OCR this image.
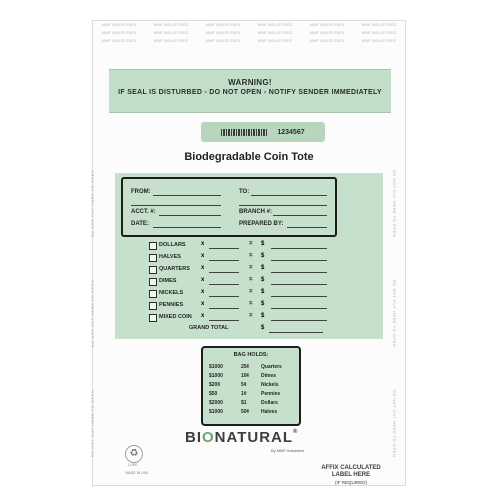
MMF INDUSTRIES	MMF INDUSTRIES	MMF INDUSTRIES	MMF INDUSTRIES	MMF INDUSTRIES	MMF INDUSTRIES
MMF INDUSTRIES	MMF INDUSTRIES	MMF INDUSTRIES	MMF INDUSTRIES	MMF INDUSTRIES	MMF INDUSTRIES
MMF INDUSTRIES	MMF INDUSTRIES	MMF INDUSTRIES	MMF INDUSTRIES	MMF INDUSTRIES	MMF INDUSTRIES
WARNING!
IF SEAL IS DISTURBED - DO NOT OPEN - NOTIFY SENDER IMMEDIATELY
1234567
Biodegradable Coin Tote
FROM:	TO:
ACCT. #:	BRANCH #:
DATE:	PREPARED BY:
DOLLARS	x	= $
HALVES	x	= $
QUARTERS x	= $
DIMES	x	= $
NICKELS	x	= $
PENNIES	x	= $
MIXED COIN x	= $
GRAND TOTAL	$
BAG HOLDS:
$1000	25¢ Quarters
$1000	10¢ Dimes
$200	5¢	Nickels
$50	1¢	Pennies
$2000	$1	Dollars
$1000	50¢ Halves
DO NOT CUT HERE TO OPEN
DO NOT CUT HERE TO OPEN
DO NOT CUT HERE TO OPEN
DO NOT CUT HERE TO OPEN
DO NOT CUT HERE TO OPEN
DO NOT CUT HERE TO OPEN
BIONATURAL®
By MMF Industries
♻
LDPE
MADE IN USA
AFFIX CALCULATED
LABEL HERE
(IF REQUIRED)
